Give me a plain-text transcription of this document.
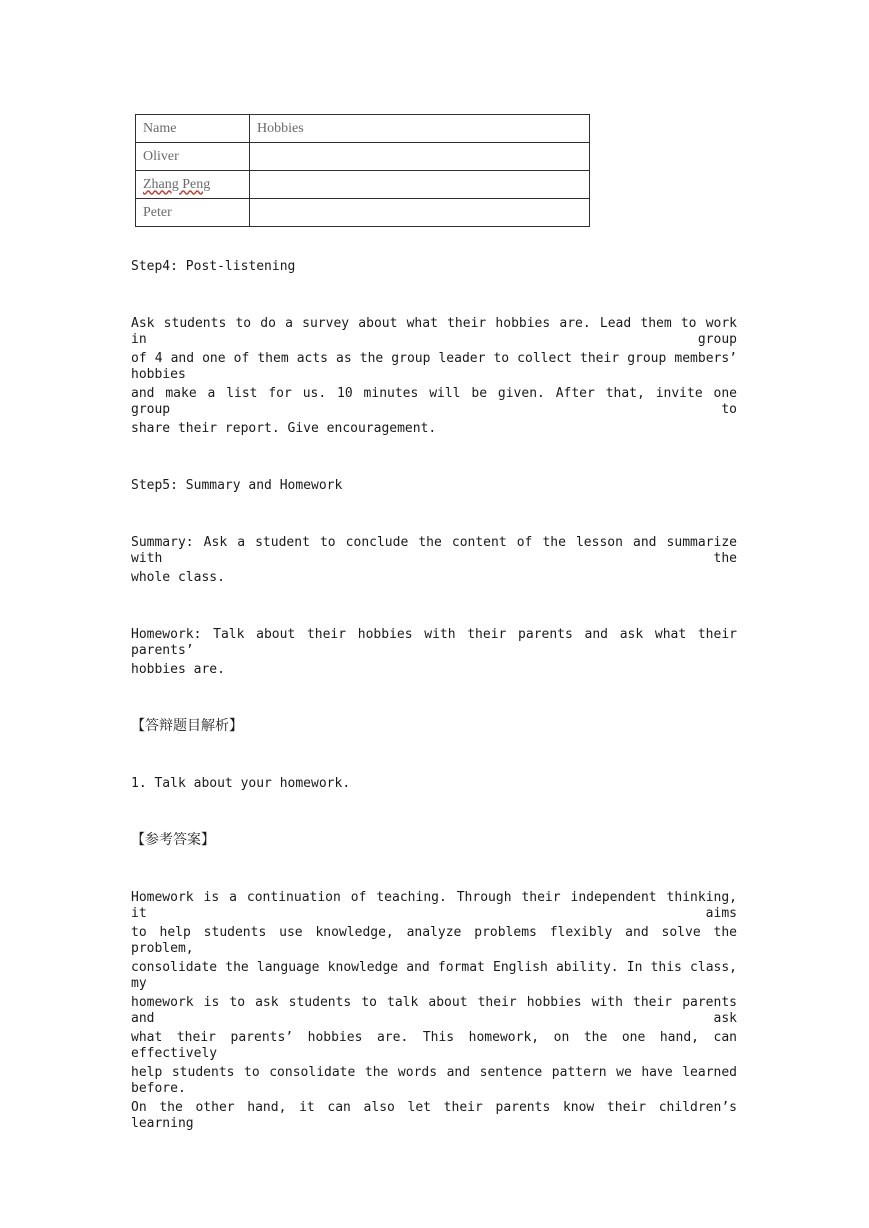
Name	Hobbies
Oliver	
Zhang Peng	
Peter	
Step4: Post-listening
Ask students to do a survey about what their hobbies are. Lead them to work in group
of 4 and one of them acts as the group leader to collect their group members’ hobbies
and make a list for us. 10 minutes will be given. After that, invite one group to
share their report. Give encouragement.
Step5: Summary and Homework
Summary: Ask a student to conclude the content of the lesson and summarize with the
whole class.
Homework: Talk about their hobbies with their parents and ask what their parents’
hobbies are.
【答辩题目解析】
1. Talk about your homework.
【参考答案】
Homework is a continuation of teaching. Through their independent thinking, it aims
to help students use knowledge, analyze problems flexibly and solve the problem,
consolidate the language knowledge and format English ability. In this class, my
homework is to ask students to talk about their hobbies with their parents and ask
what their parents’ hobbies are. This homework, on the one hand, can effectively
help students to consolidate the words and sentence pattern we have learned before.
On the other hand, it can also let their parents know their children’s learning
